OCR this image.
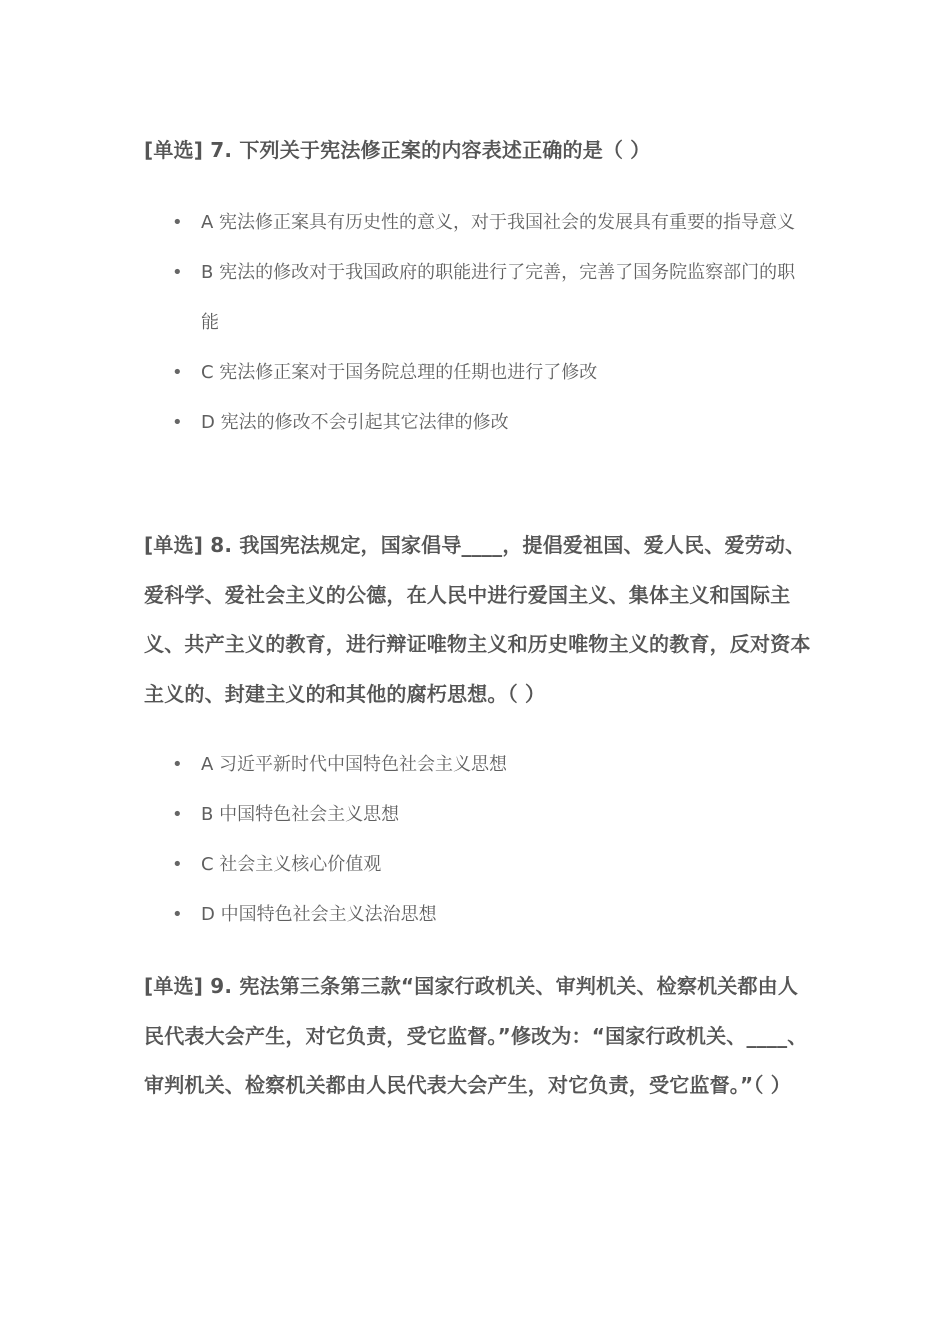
[单选] 7. 下列关于宪法修正案的内容表述正确的是（ ）
• A 宪法修正案具有历史性的意义，对于我国社会的发展具有重要的指导意义
• B 宪法的修改对于我国政府的职能进行了完善，完善了国务院监察部门的职能
• C 宪法修正案对于国务院总理的任期也进行了修改
• D 宪法的修改不会引起其它法律的修改
[单选] 8. 我国宪法规定，国家倡导____，提倡爱祖国、爱人民、爱劳动、爱科学、爱社会主义的公德，在人民中进行爱国主义、集体主义和国际主义、共产主义的教育，进行辩证唯物主义和历史唯物主义的教育，反对资本主义的、封建主义的和其他的腐朽思想。（ ）
• A 习近平新时代中国特色社会主义思想
• B 中国特色社会主义思想
• C 社会主义核心价值观
• D 中国特色社会主义法治思想
[单选] 9. 宪法第三条第三款“国家行政机关、审判机关、检察机关都由人民代表大会产生，对它负责，受它监督。”修改为：“国家行政机关、____、审判机关、检察机关都由人民代表大会产生，对它负责，受它监督。”（ ）
